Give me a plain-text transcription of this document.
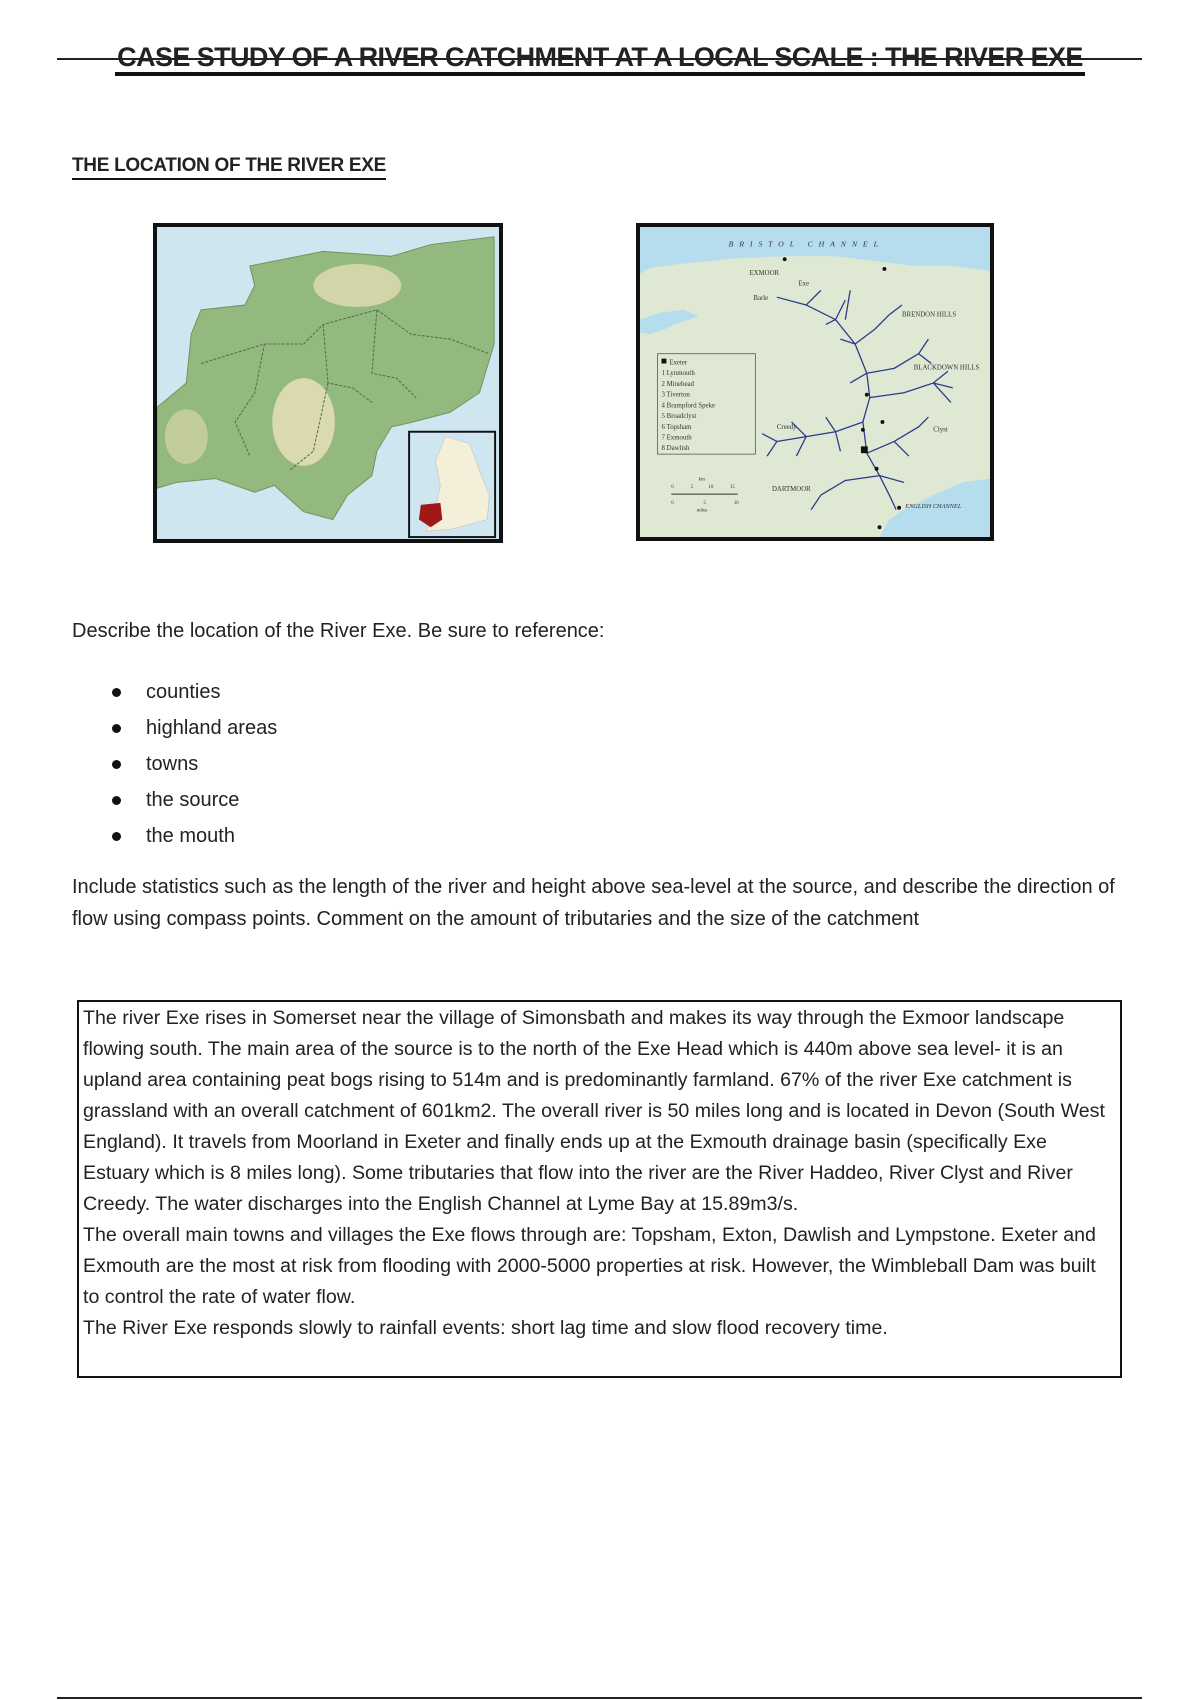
CASE STUDY OF A RIVER CATCHMENT AT A LOCAL SCALE : THE RIVER EXE
THE LOCATION OF THE RIVER EXE
BRISTOL CHANNEL
ENGLISH CHANNEL
EXMOOR
BRENDON HILLS
BLACKDOWN HILLS
DARTMOOR
Exe
Barle
Creedy	Clyst
Exeter
1 Lynmouth
2 Minehead
3 Tiverton
4 Brampford Speke
5 Broadclyst
6 Topsham
7 Exmouth
8 Dawlish
km
0	5	10	15
0	5	10
miles
Describe the location of the River Exe. Be sure to reference:
counties
highland areas
towns
the source
the mouth
Include statistics such as the length of the river and height above sea-level at the source, and describe the direction of flow using compass points. Comment on the amount of tributaries and the size of the catchment

The river Exe rises in Somerset near the village of Simonsbath and makes its way through the Exmoor landscape flowing south. The main area of the source is to the north of the Exe Head which is 440m above sea level- it is an upland area containing peat bogs rising to 514m and is predominantly farmland. 67% of the river Exe catchment is grassland with an overall catchment of 601km2. The overall river is 50 miles long and is located in Devon (South West England). It travels from Moorland in Exeter and finally ends up at the Exmouth drainage basin (specifically Exe Estuary which is 8 miles long). Some tributaries that flow into the river are the River Haddeo, River Clyst and River Creedy. The water discharges into the English Channel at Lyme Bay at 15.89m3/s.

The overall main towns and villages the Exe flows through are: Topsham, Exton, Dawlish and Lympstone. Exeter and Exmouth are the most at risk from flooding with 2000-5000 properties at risk. However, the Wimbleball Dam was built to control the rate of water flow.

The River Exe responds slowly to rainfall events: short lag time and slow flood recovery time.
